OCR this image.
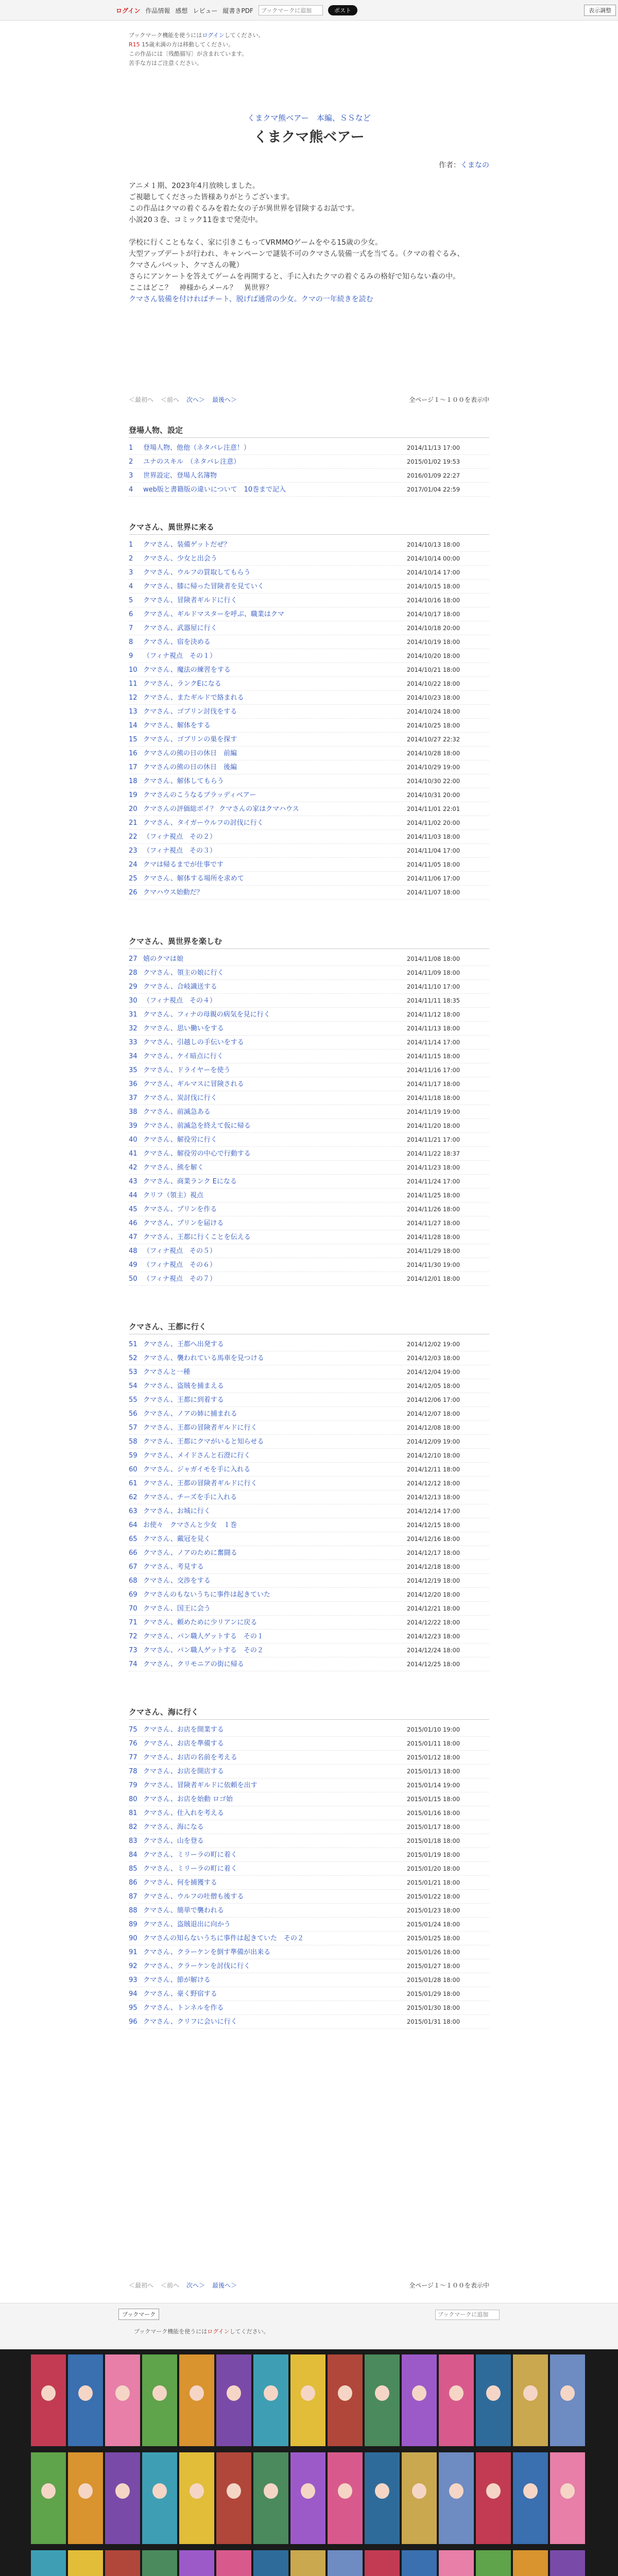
ログイン 作品情報 感想 レビュー 縦書きPDF
ブックマークに追加	ポスト	表示調整
ブックマーク機能を使うにはログインしてください。
R15 15歳未満の方は移動してください。
この作品には〔残酷描写〕が含まれています。
苦手な方はご注意ください。
くまクマ熊ベアー　本編、ＳＳなど
くまクマ熊ベアー
作者：くまなの
アニメ１期、2023年4月放映しました。
ご視聴してくださった皆様ありがとうございます。
この作品はクマの着ぐるみを着た女の子が異世界を冒険するお話です。
小説20３巻、コミック11巻まで発売中。
学校に行くこともなく、家に引きこもってVRMMOゲームをやる15歳の少女。
大型アップデートが行われ、キャンペーンで謎装不可のクマさん装備一式を当てる。（クマの着ぐるみ、
クマさんパペット、クマさんの靴）
さらにアンケートを答えてゲームを再開すると、手に入れたクマの着ぐるみの格好で知らない森の中。
ここはどこ？　神様からメール？　異世界？
クマさん装備を付ければチート、脱げば通常の少女。クマの一年続きを読む
＜最初へ ＜前へ 次へ＞ 最後へ＞	全ページ１～１００を表示中
登場人物、設定
1	登場人物、他他（ネタバレ注意！）	2014/11/13 17:00
2	ユナのスキル　（ネタバレ注意）	2015/01/02 19:53
3	世界設定、登場人名簿物	2016/01/09 22:27
4	web版と書籍版の違いについて　10巻まで記入	2017/01/04 22:59
クマさん、異世界に来る
1	クマさん、装備ゲットだぜ？	2014/10/13 18:00
2	クマさん、少女と出会う	2014/10/14 00:00
3	クマさん、ウルフの買取してもらう	2014/10/14 17:00
4	クマさん、膝に帰った冒険者を見ていく	2014/10/15 18:00
5	クマさん、冒険者ギルドに行く	2014/10/16 18:00
6	クマさん、ギルドマスターを呼ぶ、職業はクマ	2014/10/17 18:00
7	クマさん、武器屋に行く	2014/10/18 20:00
8	クマさん、宿を決める	2014/10/19 18:00
9	（フィナ視点　その１）	2014/10/20 18:00
10 クマさん、魔法の練習をする	2014/10/21 18:00
11 クマさん、ランクEになる	2014/10/22 18:00
12 クマさん、またギルドで絡まれる	2014/10/23 18:00
13 クマさん、ゴブリン討伐をする	2014/10/24 18:00
14 クマさん、解体をする	2014/10/25 18:00
15 クマさん、ゴブリンの巣を探す	2014/10/27 22:32
16 クマさんの熊の日の休日　前編	2014/10/28 18:00
17 クマさんの熊の日の休日　後編	2014/10/29 19:00
18 クマさん、解体してもらう	2014/10/30 22:00
19 クマさんのこうなるブラッディベアー	2014/10/31 20:00
20 クマさんの評価総ポイ？ クマさんの家はクマハウス	2014/11/01 22:01
21 クマさん、タイガーウルフの討伐に行く	2014/11/02 20:00
22 （フィナ視点　その２）	2014/11/03 18:00
23 （フィナ視点　その３）	2014/11/04 17:00
24 クマは帰るまでが仕事です	2014/11/05 18:00
25 クマさん、解体する場所を求めて	2014/11/06 17:00
26 クマハウス始動だ？	2014/11/07 18:00
クマさん、異世界を楽しむ
27 嬉のクマは娘	2014/11/08 18:00
28 クマさん、領主の娘に行く	2014/11/09 18:00
29 クマさん、合岐識送する	2014/11/10 17:00
30 （フィナ視点　その４）	2014/11/11 18:35
31 クマさん、フィナの母親の病気を見に行く	2014/11/12 18:00
32 クマさん、思い働いをする	2014/11/13 18:00
33 クマさん、引越しの手伝いをする	2014/11/14 17:00
34 クマさん、ケイ暗点に行く	2014/11/15 18:00
35 クマさん、ドライヤーを使う	2014/11/16 17:00
36 クマさん、ギルマスに冒険される	2014/11/17 18:00
37 クマさん、炭討伐に行く	2014/11/18 18:00
38 クマさん、前滅急ある	2014/11/19 19:00
39 クマさん、前滅急を終えて仮に帰る	2014/11/20 18:00
40 クマさん、解役労に行く	2014/11/21 17:00
41 クマさん、解役労の中心で行動する	2014/11/22 18:37
42 クマさん、熊を解く	2014/11/23 18:00
43 クマさん、商業ランク Eになる	2014/11/24 17:00
44 クリフ（領主）視点	2014/11/25 18:00
45 クマさん、プリンを作る	2014/11/26 18:00
46 クマさん、プリンを届ける	2014/11/27 18:00
47 クマさん、王都に行くことを伝える	2014/11/28 18:00
48 （フィナ視点　その５）	2014/11/29 18:00
49 （フィナ視点　その６）	2014/11/30 19:00
50 （フィナ視点　その７）	2014/12/01 18:00
クマさん、王都に行く
51 クマさん、王都へ出発する	2014/12/02 19:00
52 クマさん、襲われている馬車を見つける	2014/12/03 18:00
53 クマさんと一種	2014/12/04 19:00
54 クマさん、盗賊を捕まえる	2014/12/05 18:00
55 クマさん、王都に到着する	2014/12/06 17:00
56 クマさん、ノアの姉に捕まれる	2014/12/07 18:00
57 クマさん、王都の冒険者ギルドに行く	2014/12/08 18:00
58 クマさん、王都にクマがいると知らせる	2014/12/09 19:00
59 クマさん、メイドさんと石澄に行く	2014/12/10 18:00
60 クマさん、ジャガイモを手に入れる	2014/12/11 18:00
61 クマさん、王都の冒険者ギルドに行く	2014/12/12 18:00
62 クマさん、チーズを手に入れる	2014/12/13 18:00
63 クマさん、お城に行く	2014/12/14 17:00
64 お使々　クマさんと少女　１巻	2014/12/15 18:00
65 クマさん、戴冠を見く	2014/12/16 18:00
66 クマさん、ノアのために奮闘る	2014/12/17 18:00
67 クマさん、考見する	2014/12/18 18:00
68 クマさん、交渉をする	2014/12/19 18:00
69 クマさんのもないうちに事件は起きていた	2014/12/20 18:00
70 クマさん、国王に会う	2014/12/21 18:00
71 クマさん、頼めために少リアンに戻る	2014/12/22 18:00
72 クマさん、パン職人ゲットする　その１	2014/12/23 18:00
73 クマさん、パン職人ゲットする　その２	2014/12/24 18:00
74 クマさん、クリモニアの街に帰る	2014/12/25 18:00
クマさん、海に行く
75 クマさん、お店を開業する	2015/01/10 19:00
76 クマさん、お店を準備する	2015/01/11 18:00
77 クマさん、お店の名前を考える	2015/01/12 18:00
78 クマさん、お店を開店する	2015/01/13 18:00
79 クマさん、冒険者ギルドに依頼を出す	2015/01/14 19:00
80 クマさん、お店を始動 ロゴ始	2015/01/15 18:00
81 クマさん、仕入れを考える	2015/01/16 18:00
82 クマさん、海になる	2015/01/17 18:00
83 クマさん、山を登る	2015/01/18 18:00
84 クマさん、ミリーラの町に着く	2015/01/19 18:00
85 クマさん、ミリーラの町に着く	2015/01/20 18:00
86 クマさん、何を捕獲する	2015/01/21 18:00
87 クマさん、ウルフの吐僧も後する	2015/01/22 18:00
88 クマさん、簡単で襲われる	2015/01/23 18:00
89 クマさん、盗賊退出に向かう	2015/01/24 18:00
90 クマさんの知らないうちに事件は起きていた　その２	2015/01/25 18:00
91 クマさん、クラーケンを倒す準備が出来る	2015/01/26 18:00
92 クマさん、クラーケンを討伐に行く	2015/01/27 18:00
93 クマさん、節が解ける	2015/01/28 18:00
94 クマさん、豪く野宿する	2015/01/29 18:00
95 クマさん、トンネルを作る	2015/01/30 18:00
96 クマさん、クリフに会いに行く	2015/01/31 18:00
＜最初へ ＜前へ 次へ＞ 最後へ＞	全ページ１～１００を表示中
ブックマーク
ブックマークに追加
ブックマーク機能を使うにはログインしてください。
